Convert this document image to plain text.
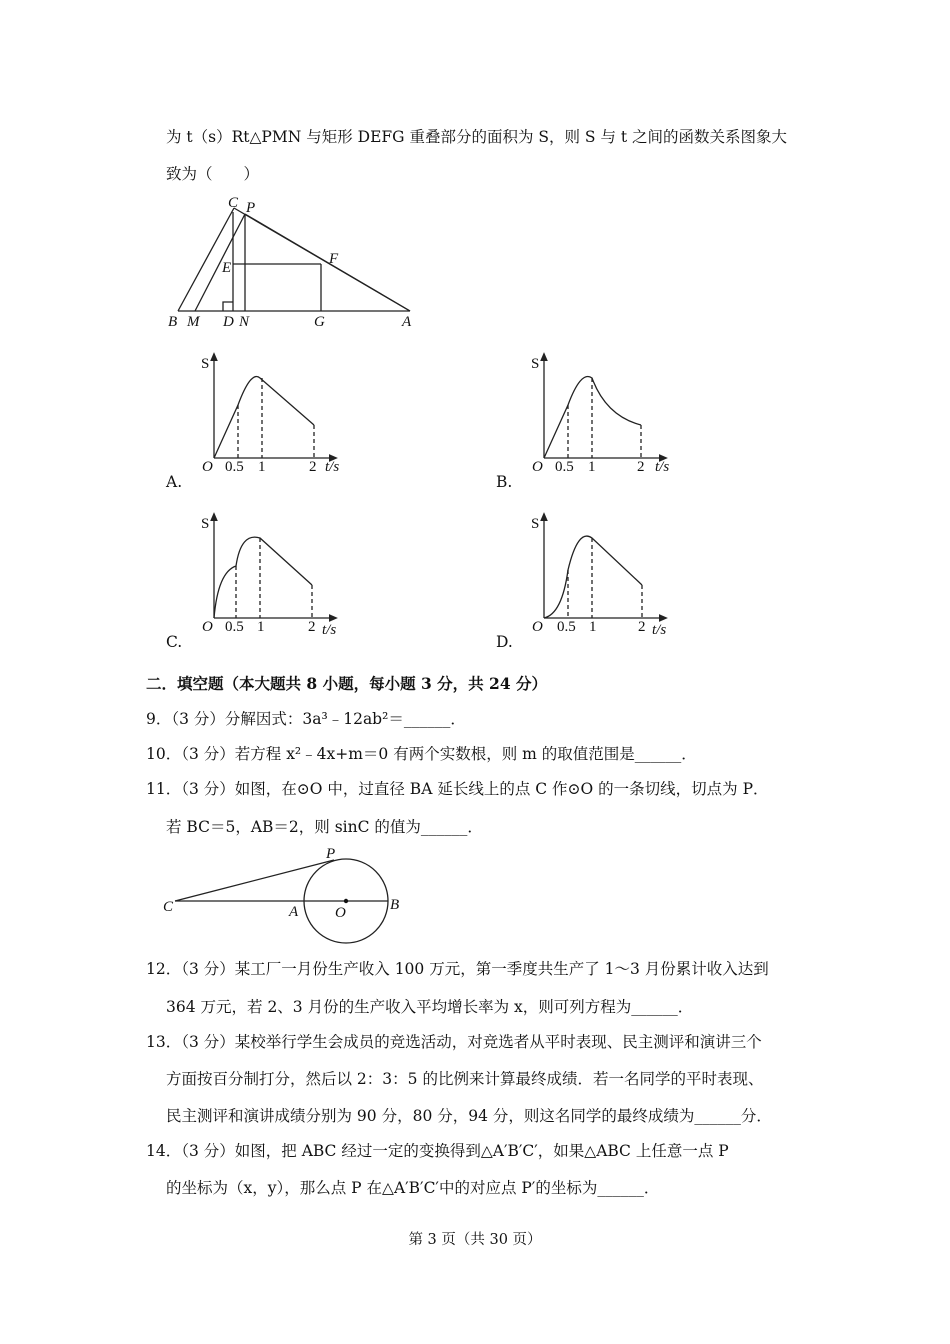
为 t（s）Rt△PMN 与矩形 DEFG 重叠部分的面积为 S，则 S 与 t 之间的函数关系图象大
致为（　　）
C P
E
F
B M D N	G	A
S
O 0.5 1	2 t/s
A.
S
O 0.5 1	2 t/s
B.
S
O 0.5 1	2 t/s
C.
S
O 0.5 1	2 t/s
D.
二．填空题（本大题共 8 小题，每小题 3 分，共 24 分）
9．（3 分）分解因式：3a³﹣12ab²＝______．
10．（3 分）若方程 x²﹣4x+m＝0 有两个实数根，则 m 的取值范围是______．
11．（3 分）如图，在⊙O 中，过直径 BA 延长线上的点 C 作⊙O 的一条切线，切点为 P．
若 BC＝5，AB＝2，则 sinC 的值为______．
P
C	A O	B
12．（3 分）某工厂一月份生产收入 100 万元，第一季度共生产了 1～3 月份累计收入达到
364 万元，若 2、3 月份的生产收入平均增长率为 x，则可列方程为______．
13．（3 分）某校举行学生会成员的竞选活动，对竞选者从平时表现、民主测评和演讲三个
方面按百分制打分，然后以 2：3：5 的比例来计算最终成绩．若一名同学的平时表现、
民主测评和演讲成绩分别为 90 分，80 分，94 分，则这名同学的最终成绩为______分．
14．（3 分）如图，把 ABC 经过一定的变换得到△A′B′C′，如果△ABC 上任意一点 P
的坐标为（x，y），那么点 P 在△A′B′C′中的对应点 P′的坐标为______．
第 3 页（共 30 页）
